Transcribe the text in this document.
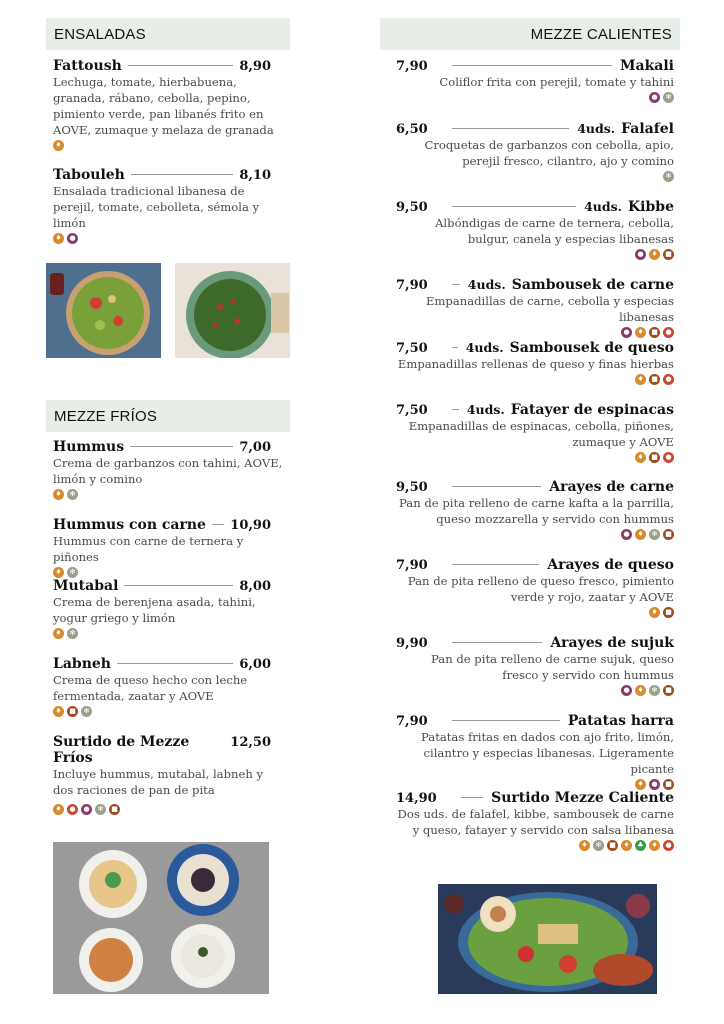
ENSALADAS
Fattoush	8,90
Lechuga, tomate, hierbabuena, granada, rábano, cebolla, pepino, pimiento verde, pan libanés frito en AOVE, zumaque y melaza de granada
♦
Tabouleh	8,10
Ensalada tradicional libanesa de perejil, tomate, cebolleta, sémola y limón
♦	●
MEZZE FRÍOS
Hummus	7,00
Crema de garbanzos con tahini, AOVE, limón y comino
♦	✻
Hummus con carne 10,90
Hummus con carne de ternera y piñones
♦	✻
Mutabal	8,00
Crema de berenjena asada, tahini, yogur griego y limón
♦	✻
Labneh	6,00
Crema de queso hecho con leche fermentada, zaatar y AOVE
♦	■	✻
Surtido de Mezze Fríos
12,50
Incluye hummus, mutabal, labneh y dos raciones de pan de pita
♦	●	●	✻	■
MEZZE CALIENTES
7,90	Makali
Coliflor frita con perejil, tomate y tahini
●	✻
6,50	4uds. Falafel
Croquetas de garbanzos con cebolla, apio, perejil fresco, cilantro, ajo y comino
✻
9,50	4uds. Kibbe
Albóndigas de carne de ternera, cebolla, bulgur, canela y especias libanesas
●	♦	■
7,90	4uds. Sambousek de carne
Empanadillas de carne, cebolla y especias libanesas
●	♦	■	●
7,50	4uds. Sambousek de queso
Empanadillas rellenas de queso y finas hierbas
♦	■	●
7,50	4uds. Fatayer de espinacas
Empanadillas de espinacas, cebolla, piñones, zumaque y AOVE
♦	■	●
9,50	Arayes de carne
Pan de pita relleno de carne kafta a la parrilla, queso mozzarella y servido con hummus
●	♦	✻	■
7,90	Arayes de queso
Pan de pita relleno de queso fresco, pimiento verde y rojo, zaatar y AOVE
♦	■
9,90	Arayes de sujuk
Pan de pita relleno de carne sujuk, queso fresco y servido con hummus
●	♦	✻	■
7,90	Patatas harra
Patatas fritas en dados con ajo frito, limón, cilantro y especias libanesas. Ligeramente picante
♦	●	■
14,90	Surtido Mezze Caliente
Dos uds. de falafel, kibbe, sambousek de carne y queso, fatayer y servido con salsa libanesa
♦	✻	■	♦	♣	♦	●
